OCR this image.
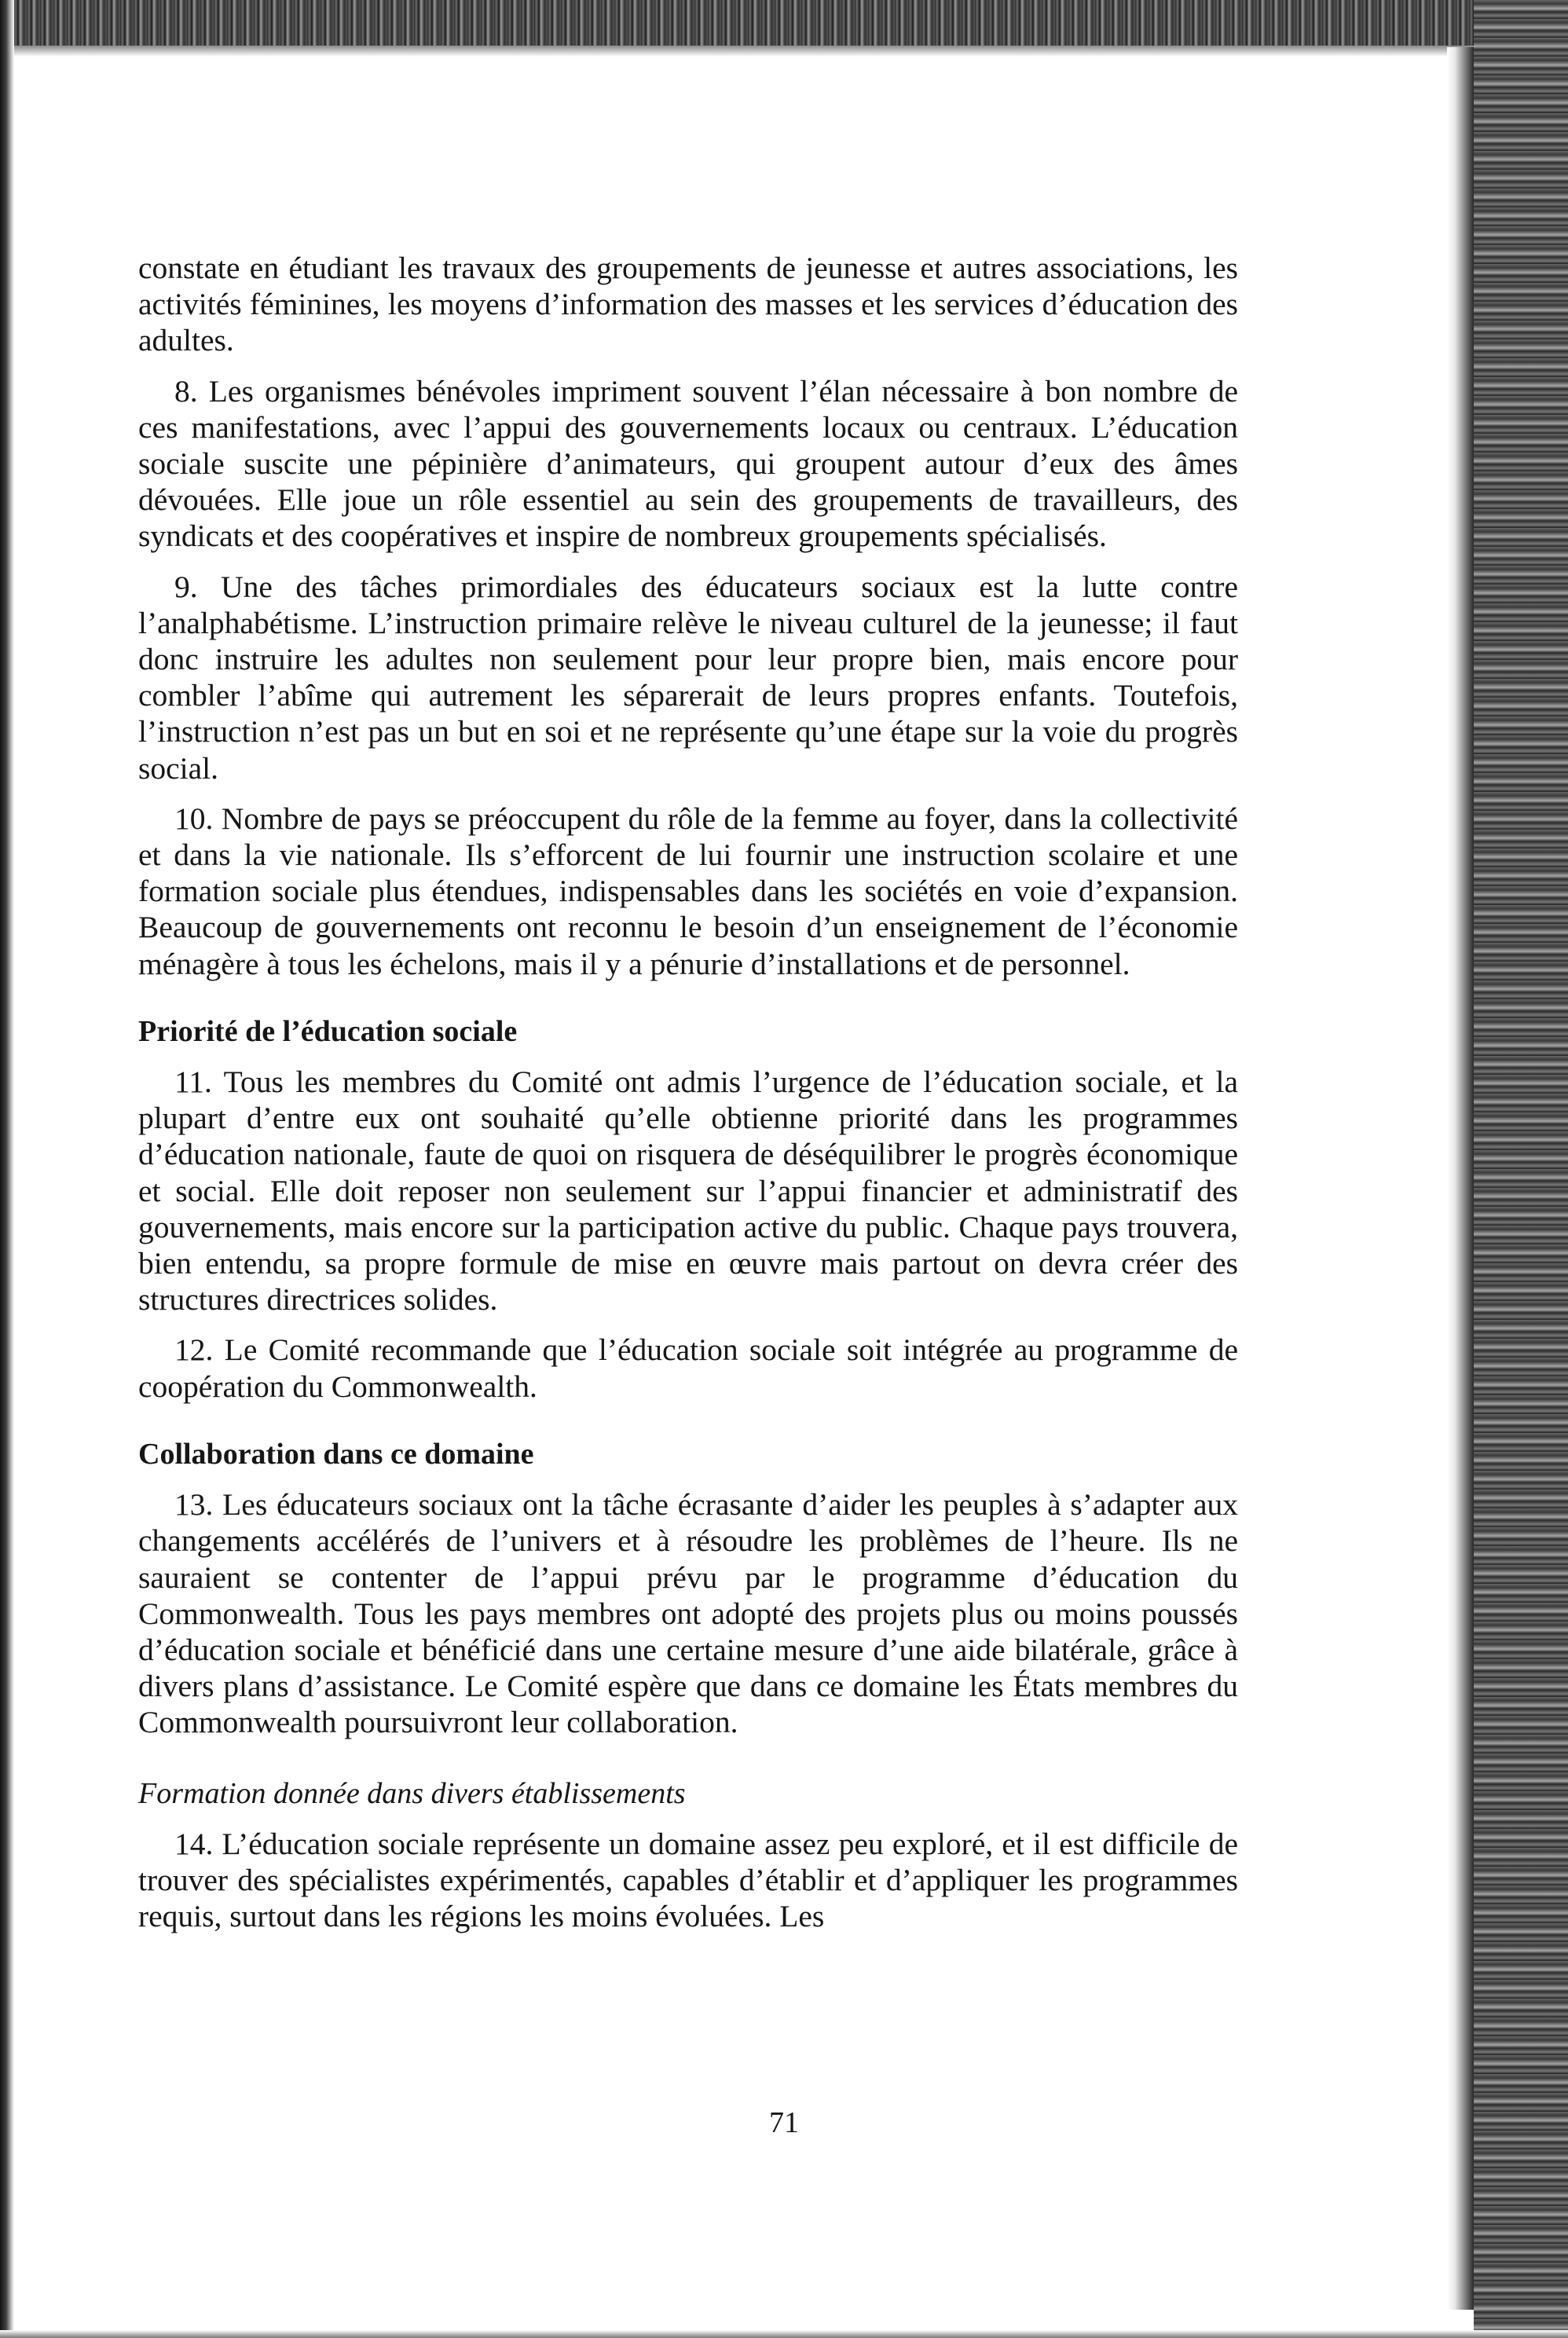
constate en étudiant les travaux des groupements de jeunesse et autres associations, les activités féminines, les moyens d’information des masses et les services d’éducation des adultes.

8. Les organismes bénévoles impriment souvent l’élan nécessaire à bon nombre de ces manifestations, avec l’appui des gouvernements locaux ou centraux. L’éducation sociale suscite une pépinière d’animateurs, qui groupent autour d’eux des âmes dévouées. Elle joue un rôle essentiel au sein des groupements de travailleurs, des syndicats et des coopératives et inspire de nombreux groupements spécialisés.

9. Une des tâches primordiales des éducateurs sociaux est la lutte contre l’analphabétisme. L’instruction primaire relève le niveau culturel de la jeunesse; il faut donc instruire les adultes non seulement pour leur propre bien, mais encore pour combler l’abîme qui autrement les séparerait de leurs propres enfants. Toutefois, l’instruction n’est pas un but en soi et ne représente qu’une étape sur la voie du progrès social.

10. Nombre de pays se préoccupent du rôle de la femme au foyer, dans la collectivité et dans la vie nationale. Ils s’efforcent de lui fournir une instruction scolaire et une formation sociale plus étendues, indispensables dans les sociétés en voie d’expansion. Beaucoup de gouvernements ont reconnu le besoin d’un enseignement de l’économie ménagère à tous les échelons, mais il y a pénurie d’installations et de personnel.

Priorité de l’éducation sociale

11. Tous les membres du Comité ont admis l’urgence de l’éducation sociale, et la plupart d’entre eux ont souhaité qu’elle obtienne priorité dans les programmes d’éducation nationale, faute de quoi on risquera de déséquilibrer le progrès économique et social. Elle doit reposer non seulement sur l’appui financier et administratif des gouvernements, mais encore sur la participation active du public. Chaque pays trouvera, bien entendu, sa propre formule de mise en œuvre mais partout on devra créer des structures directrices solides.

12. Le Comité recommande que l’éducation sociale soit intégrée au programme de coopération du Commonwealth.

Collaboration dans ce domaine

13. Les éducateurs sociaux ont la tâche écrasante d’aider les peuples à s’adapter aux changements accélérés de l’univers et à résoudre les problèmes de l’heure. Ils ne sauraient se contenter de l’appui prévu par le programme d’éducation du Commonwealth. Tous les pays membres ont adopté des projets plus ou moins poussés d’éducation sociale et bénéficié dans une certaine mesure d’une aide bilatérale, grâce à divers plans d’assistance. Le Comité espère que dans ce domaine les États membres du Commonwealth poursuivront leur collaboration.

Formation donnée dans divers établissements

14. L’éducation sociale représente un domaine assez peu exploré, et il est difficile de trouver des spécialistes expérimentés, capables d’établir et d’appliquer les programmes requis, surtout dans les régions les moins évoluées. Les

71
